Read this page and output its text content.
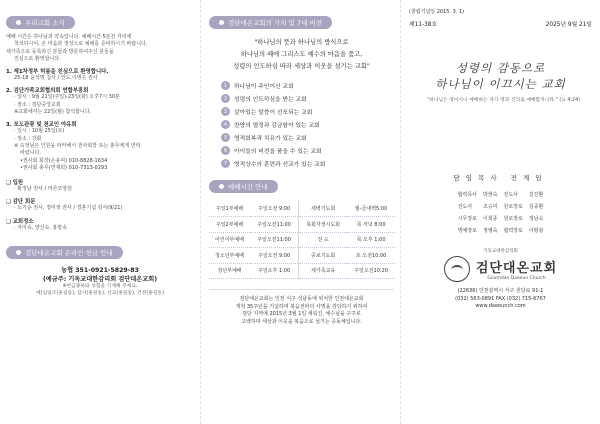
우리교회 소식
예배 시간은 하나님과 약속입니다. 예배시간 5분전 자리에
착석하시어, 온 마음과 정성으로 예배를 준비하시기 바랍니다.
새가족으로 등록하신 분들과 방문하여주신 분들을
진심으로 환영합니다.
1. 제1차정부 허름을 친심으로 환영합니다.
25-18 윤석명 집사 / 인도.이명은 권사
2. 검단가족교회협의회 연합부흥회
· 일시 : 9월 21일(주일)-23일(화) 오후7시 30분
· 장소 : 검단중앙교회
※교회에서는 22일(월) 참석합니다.
3. 포도관광 및 천교인 야유회
· 일시 : 10월 25일(토)
· 장소 : 강화
※ 숙정님은 인원을 파악해서 권사회장 또는 총무에게 연락
바랍니다.
•권사회 회장(손용덕) 010-8828-1634
•권사회 총무(면재희) 010-7313-0293
❑ 입원
· 황정남 권사 / 마른모양원
❑ 감단 회문
· 노기순 권사, 정미정 권사 / 결혼기념 감사(9/21)
❑ 교회정소
· 자미속, 양신속, 홍방속
검단대온교회 온라인 헌금 안내
농협 351-0921-5829-83
(예금주: 기독교대한감리회 검단대온교회)
※헌금종류와 성함을 기재해 주세요.
예)십일조(홍길동), 감사(홍길동), 선교(홍길동), 건전(홍길동)
검단대온교회의 가치 및 7대 비전
"하나님의 뜻과 하나님의 방식으로
하나님의 때에 그리스도 예수의 마음을 품고,
성령의 인도하심 따라 세상과 이웃을 섬기는 교회"
1	하나님이 주인이신 교회
2	성령의 인도하심을 받는 교회
3	살아있는 말씀이 선포되는 교회
4	찬양의 열정과 감금함이 있는 교회
5	영적회복과 치유가 있는 교회
6	아이들의 비전을 품을 수 있는 교회
7	영적상수의 훈련과 선교가 있는 교회
예배시간 안내
주일1부예배	주일오전 9:00	새벽기도회	월-금새벽5:00
주일2부예배	주일오전11:00	목회자정시도회	목 저녁 8:00
어린이부예배	주일오전11:00	전 도	목 오후 1:00
청소년부예배	주일오전 9:00	중보기도회	토 오전10:00
청년부예배	주일오후 1:00	새가족교육	주일오전10:20
검단대온교회는 인천 서구 석남동에 위치한 인천대온교회
개척 35주년을 기념하며 복음전파의 사명을 감당하기 위하여
검단 지역에 2015년 3월 1일 세워진, 예수님을 구주로
고백하며 세상과 이웃을 복음으로 섬기는 공동체입니다.
(창립기념일 2015. 3. 1)
제11-38호	2025년 9월 21일
성령의 감동으로
하나님이 이끄시는 교회
"하나님은 영이시니 예배하는 자가 영과 진리로 예배할지니라." (요 4:24)
담임목사 전계임
협력목사	박현숙	전도사	김진환
전도사	조승미	원로장로	김종환
시무장로	이희종	원로장로	정남숙
명예장로	정병숙	협력장로	이평광
기독교대한감리회
검단대온교회
Goumdan Daeeun Church
(22636) 인천광역시 서구 원당로 91-1
(032) 563-0891 FAX (032) 715-6767
www.daeeunch.com
